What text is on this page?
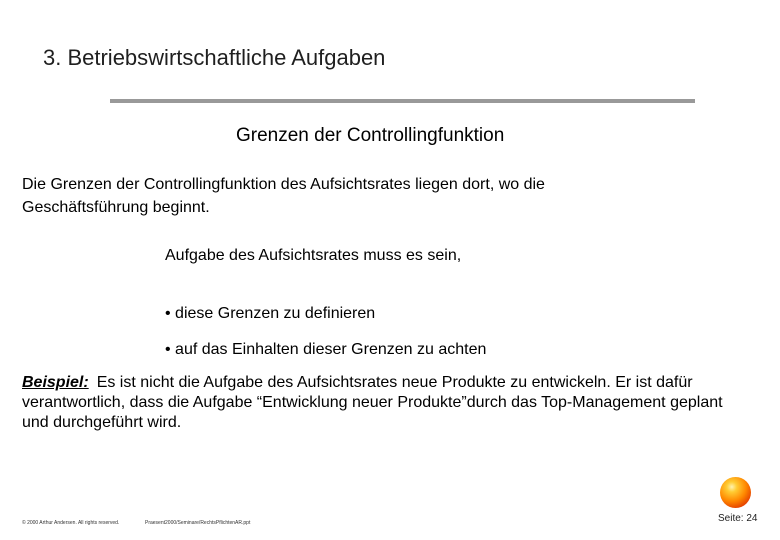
3. Betriebswirtschaftliche Aufgaben
Grenzen der Controllingfunktion
Die Grenzen der Controllingfunktion des Aufsichtsrates liegen dort, wo die Geschäftsführung beginnt.
Aufgabe des Aufsichtsrates muss es sein,
• diese Grenzen zu definieren
• auf das Einhalten dieser Grenzen zu achten
Beispiel: Es ist nicht die Aufgabe des Aufsichtsrates neue Produkte zu entwickeln. Er ist dafür verantwortlich, dass die Aufgabe “Entwicklung neuer Produkte”durch das Top-Management geplant und durchgeführt wird.
© 2000 Arthur Andersen. All rights reserved.	Praesent2000/Seminare/RechtsPflichtenAR.ppt	Seite: 24
